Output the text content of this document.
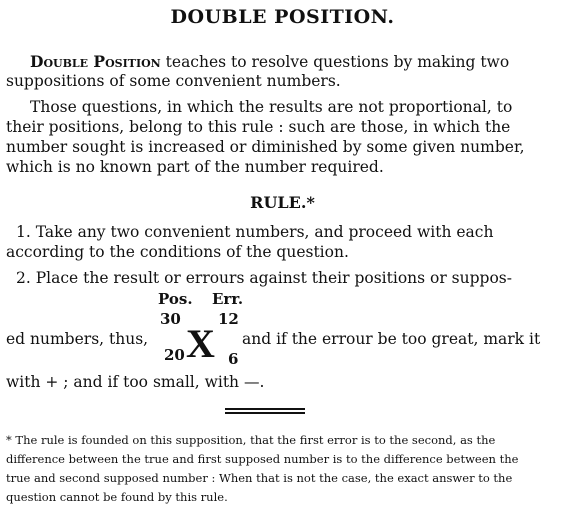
DOUBLE POSITION.
Double Position teaches to resolve questions by making two
suppositions of some convenient numbers.
Those questions, in which the results are not proportional, to
their positions, belong to this rule : such are those, in which the
number sought is increased or diminished by some given number,
which is no known part of the number required.
RULE.*
1. Take any two convenient numbers, and proceed with each
according to the conditions of the question.
2. Place the result or errours against their positions or suppos-
Pos. Err.
30 12
X
20	6
ed numbers, thus,	and if the errour be too great, mark it
with + ; and if too small, with —.
* The rule is founded on this supposition, that the first error is to the second, as the
difference between the true and first supposed number is to the difference between the
true and second supposed number : When that is not the case, the exact answer to the
question cannot be found by this rule.
